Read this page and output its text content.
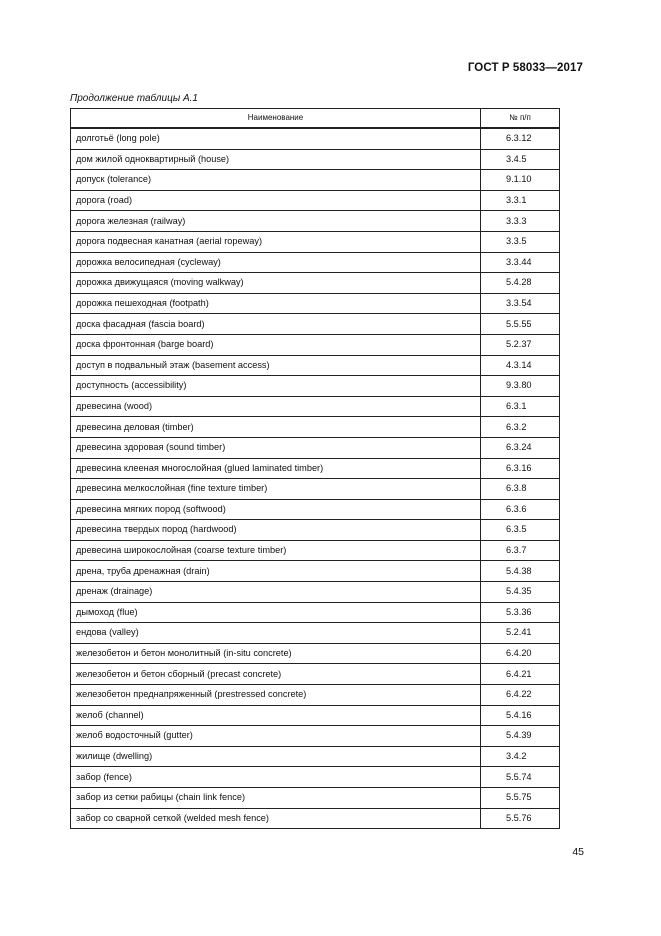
ГОСТ Р 58033—2017
Продолжение таблицы А.1
Наименование	№ п/п
долготьё (long pole)	6.3.12
дом жилой одноквартирный (house)	3.4.5
допуск (tolerance)	9.1.10
дорога (road)	3.3.1
дорога железная (railway)	3.3.3
дорога подвесная канатная (aerial ropeway)	3.3.5
дорожка велосипедная (cycleway)	3.3.44
дорожка движущаяся (moving walkway)	5.4.28
дорожка пешеходная (footpath)	3.3.54
доска фасадная (fascia board)	5.5.55
доска фронтонная (barge board)	5.2.37
доступ в подвальный этаж (basement access)	4.3.14
доступность (accessibility)	9.3.80
древесина (wood)	6.3.1
древесина деловая (timber)	6.3.2
древесина здоровая (sound timber)	6.3.24
древесина клееная многослойная (glued laminated timber)	6.3.16
древесина мелкослойная (fine texture timber)	6.3.8
древесина мягких пород (softwood)	6.3.6
древесина твердых пород (hardwood)	6.3.5
древесина широкослойная (coarse texture timber)	6.3.7
дрена, труба дренажная (drain)	5.4.38
дренаж (drainage)	5.4.35
дымоход (flue)	5.3.36
ендова (valley)	5.2.41
железобетон и бетон монолитный (in-situ concrete)	6.4.20
железобетон и бетон сборный (precast concrete)	6.4.21
железобетон преднапряженный (prestressed concrete)	6.4.22
желоб (channel)	5.4.16
желоб водосточный (gutter)	5.4.39
жилище (dwelling)	3.4.2
забор (fence)	5.5.74
забор из сетки рабицы (chain link fence)	5.5.75
забор со сварной сеткой (welded mesh fence)	5.5.76
45
